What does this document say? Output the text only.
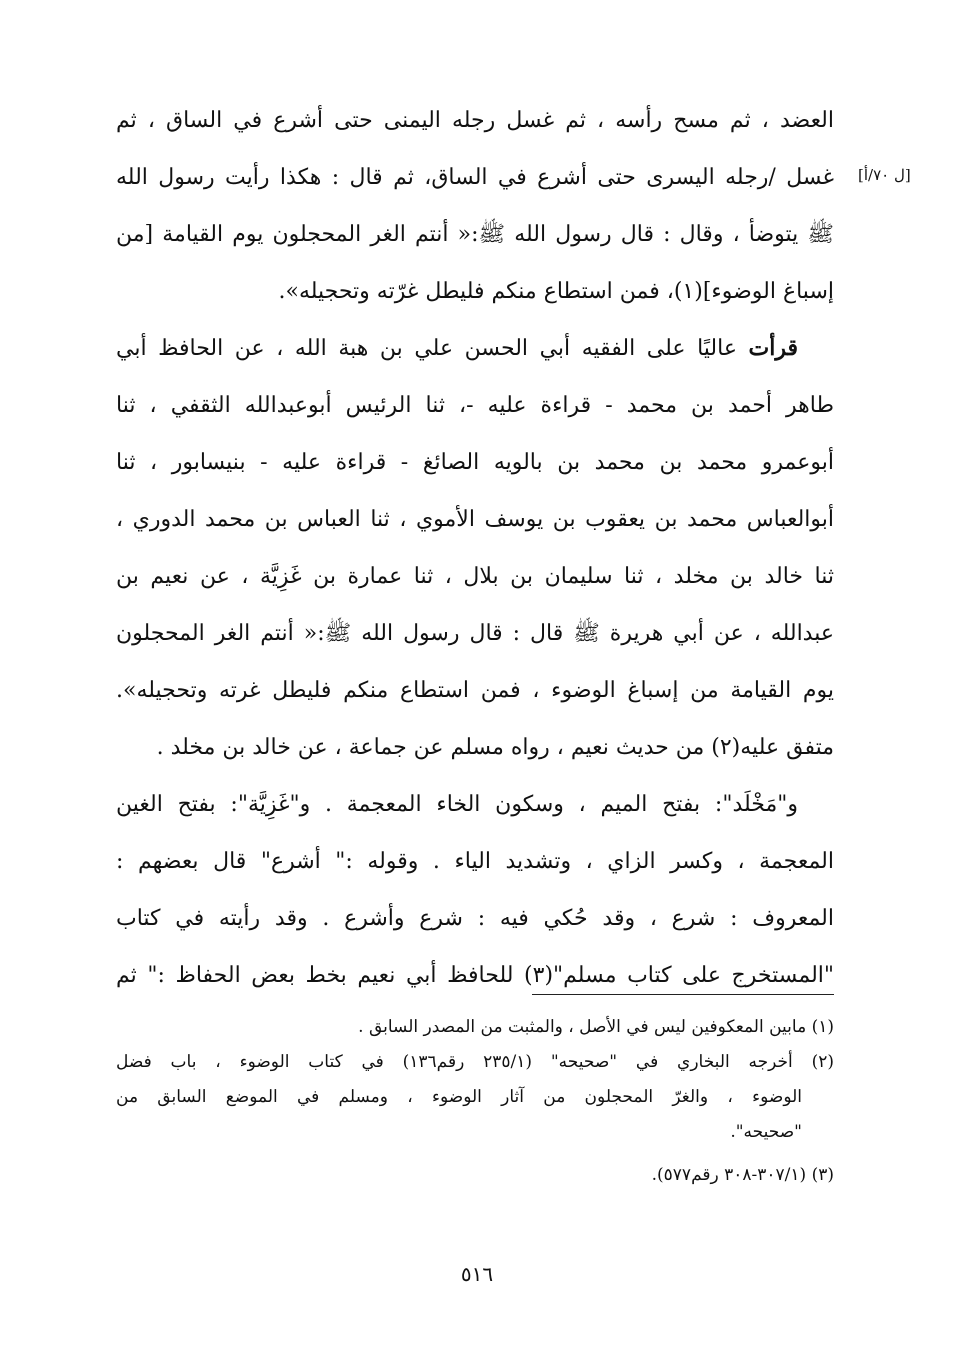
[ل ٧٠/أ]
العضد ، ثم مسح رأسه ، ثم غسل رجله اليمنى حتى أشرع في الساق ، ثم
غسل /رجله اليسرى حتى أشرع في الساق، ثم قال : هكذا رأيت رسول الله
ﷺ يتوضأ ، وقال : قال رسول الله ﷺ:« أنتم الغر المحجلون يوم القيامة [من
إسباغ الوضوء](١)، فمن استطاع منكم فليطل غرّته وتحجيله».
قرأت عاليًا على الفقيه أبي الحسن علي بن هبة الله ، عن الحافظ أبي
طاهر أحمد بن محمد - قراءة عليه -، ثنا الرئيس أبوعبدالله الثقفي ، ثنا
أبوعمرو محمد بن محمد بن بالويه الصائغ - قراءة عليه - بنيسابور ، ثنا
أبوالعباس محمد بن يعقوب بن يوسف الأموي ، ثنا العباس بن محمد الدوري ،
ثنا خالد بن مخلد ، ثنا سليمان بن بلال ، ثنا عمارة بن غَزِيَّة ، عن نعيم بن
عبدالله ، عن أبي هريرة ﷺ قال : قال رسول الله ﷺ:« أنتم الغر المحجلون
يوم القيامة من إسباغ الوضوء ، فمن استطاع منكم فليطل غرته وتحجيله».
متفق عليه(٢) من حديث نعيم ، رواه مسلم عن جماعة ، عن خالد بن مخلد .
و"مَخْلَد": بفتح الميم ، وسكون الخاء المعجمة . و"غَزِيَّة": بفتح الغين
المعجمة ، وكسر الزاي ، وتشديد الياء . وقوله :" أشرع" قال بعضهم :
المعروف : شرع ، وقد حُكي فيه : شرع وأشرع . وقد رأيته في كتاب
"المستخرج على كتاب مسلم"(٣) للحافظ أبي نعيم بخط بعض الحفاظ :" ثم
(١) مابين المعكوفين ليس في الأصل ، والمثبت من المصدر السابق .
(٢) أخرجه البخاري في "صحيحه" (٢٣٥/١ رقم١٣٦) في كتاب الوضوء ، باب فضل
الوضوء ، والغرّ المحجلون من آثار الوضوء ، ومسلم في الموضع السابق من
"صحيحه".
(٣) (٣٠٧/١-٣٠٨ رقم٥٧٧).
٥١٦
